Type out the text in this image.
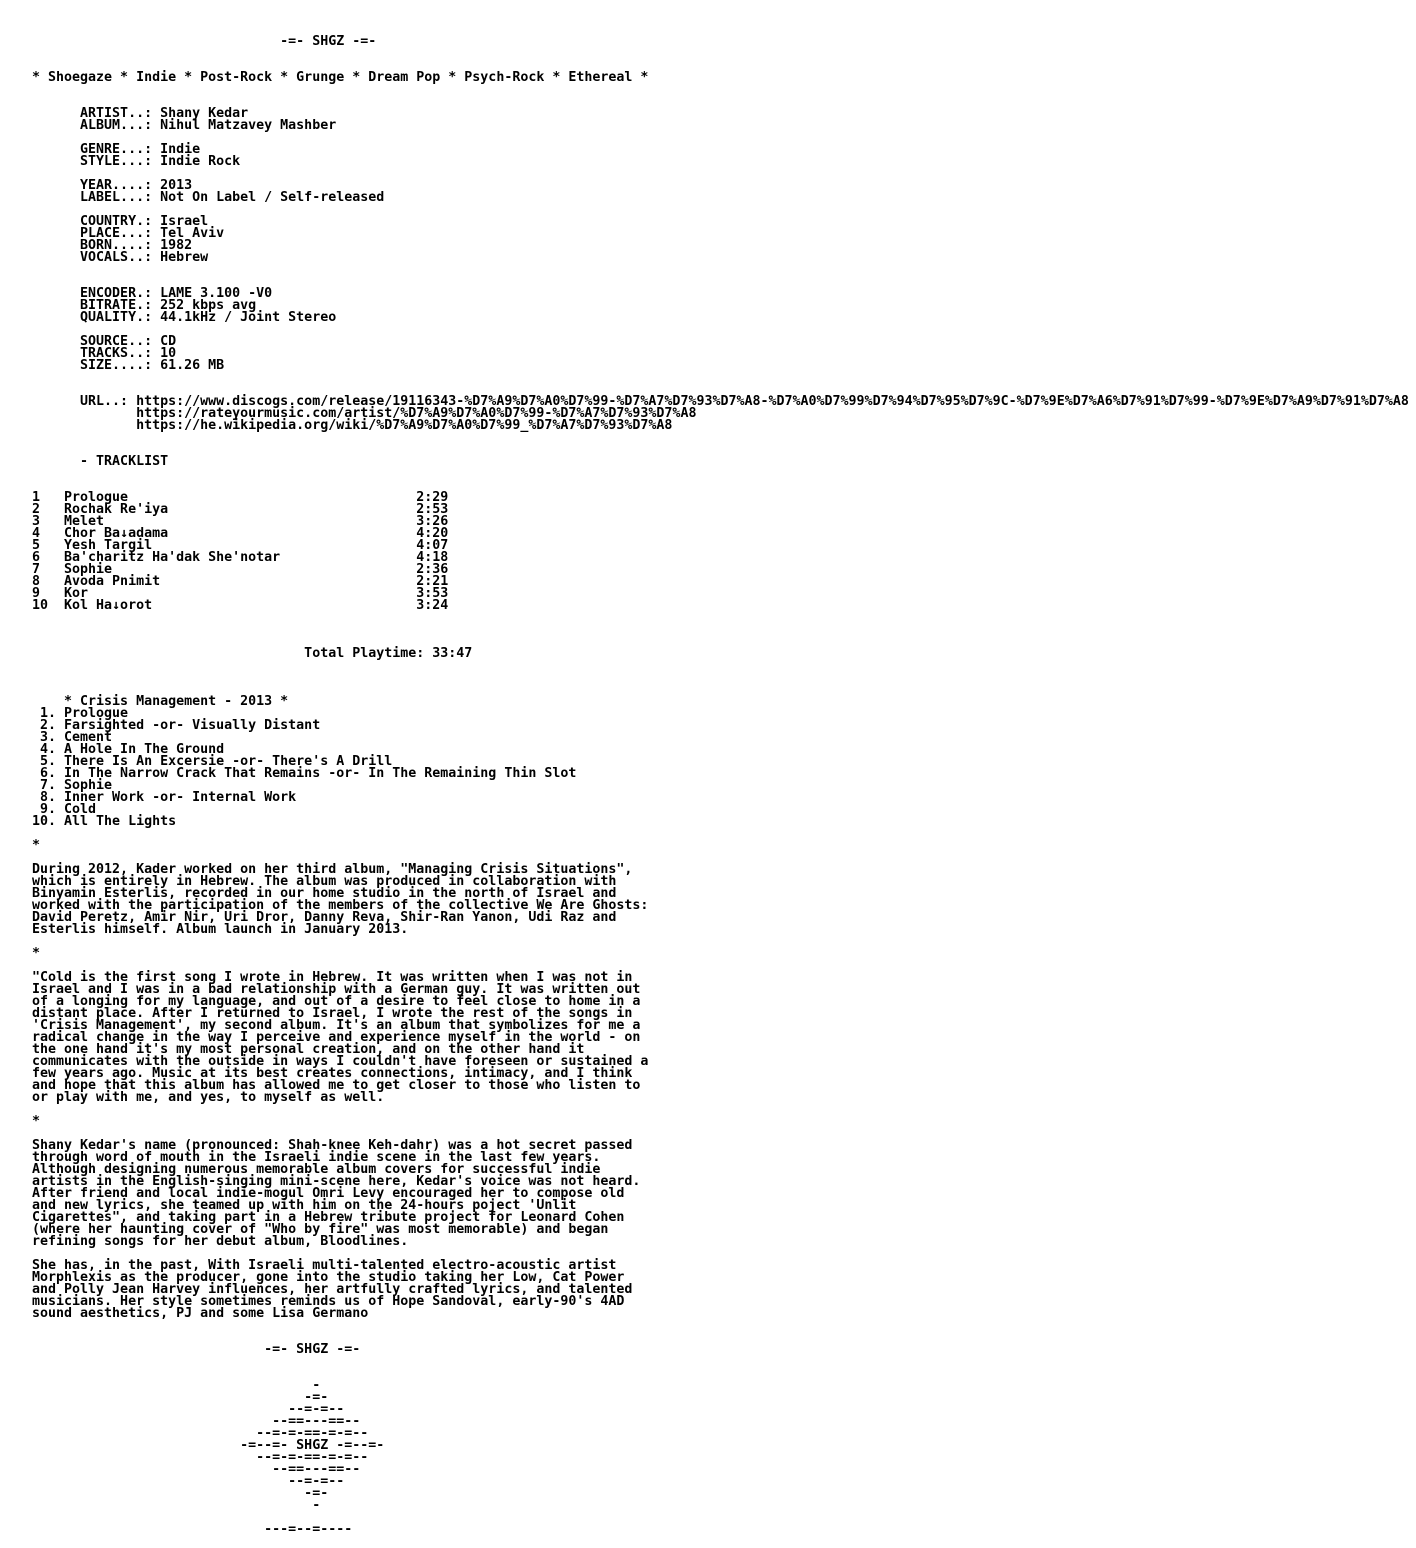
-=- SHGZ -=-
* Shoegaze * Indie * Post-Rock * Grunge * Dream Pop * Psych-Rock * Ethereal *
ARTIST..: Shany Kedar
ALBUM...: Nihul Matzavey Mashber
GENRE...: Indie
STYLE...: Indie Rock
YEAR....: 2013
LABEL...: Not On Label / Self-released
COUNTRY.: Israel
PLACE...: Tel Aviv
BORN....: 1982
VOCALS..: Hebrew
ENCODER.: LAME 3.100 -V0
BITRATE.: 252 kbps avg
QUALITY.: 44.1kHz / Joint Stereo
SOURCE..: CD
TRACKS..: 10
SIZE....: 61.26 MB
URL..: https://www.discogs.com/release/19116343-%D7%A9%D7%A0%D7%99-%D7%A7%D7%93%D7%A8-%D7%A0%D7%99%D7%94%D7%95%D7%9C-%D7%9E%D7%A6%D7%91%D7%99-%D7%9E%D7%A9%D7%91%D7%A8
https://rateyourmusic.com/artist/%D7%A9%D7%A0%D7%99-%D7%A7%D7%93%D7%A8
https://he.wikipedia.org/wiki/%D7%A9%D7%A0%D7%99_%D7%A7%D7%93%D7%A8
- TRACKLIST
1   Prologue                                    2:29
2   Rochak Re'iya                               2:53
3   Melet                                       3:26
4   Chor Ba↓adama                               4:20
5   Yesh Targil                                 4:07
6   Ba'charitz Ha'dak She'notar                 4:18
7   Sophie                                      2:36
8   Avoda Pnimit                                2:21
9   Kor                                         3:53
10  Kol Ha↓orot                                 3:24
Total Playtime: 33:47
* Crisis Management - 2013 *
1. Prologue
2. Farsighted -or- Visually Distant
3. Cement
4. A Hole In The Ground
5. There Is An Excersie -or- There's A Drill
6. In The Narrow Crack That Remains -or- In The Remaining Thin Slot
7. Sophie
8. Inner Work -or- Internal Work
9. Cold
10. All The Lights
*
During 2012, Kader worked on her third album, "Managing Crisis Situations",
which is entirely in Hebrew. The album was produced in collaboration with
Binyamin Esterlis, recorded in our home studio in the north of Israel and
worked with the participation of the members of the collective We Are Ghosts:
David Peretz, Amir Nir, Uri Dror, Danny Reva, Shir-Ran Yanon, Udi Raz and
Esterlis himself. Album launch in January 2013.
*
"Cold is the first song I wrote in Hebrew. It was written when I was not in
Israel and I was in a bad relationship with a German guy. It was written out
of a longing for my language, and out of a desire to feel close to home in a
distant place. After I returned to Israel, I wrote the rest of the songs in
'Crisis Management', my second album. It's an album that symbolizes for me a
radical change in the way I perceive and experience myself in the world - on
the one hand it's my most personal creation, and on the other hand it
communicates with the outside in ways I couldn't have foreseen or sustained a
few years ago. Music at its best creates connections, intimacy, and I think
and hope that this album has allowed me to get closer to those who listen to
or play with me, and yes, to myself as well.
*
Shany Kedar's name (pronounced: Shah-knee Keh-dahr) was a hot secret passed
through word of mouth in the Israeli indie scene in the last few years.
Although designing numerous memorable album covers for successful indie
artists in the English-singing mini-scene here, Kedar's voice was not heard.
After friend and local indie-mogul Omri Levy encouraged her to compose old
and new lyrics, she teamed up with him on the 24-hours poject 'Unlit
Cigarettes", and taking part in a Hebrew tribute project for Leonard Cohen
(where her haunting cover of "Who by fire" was most memorable) and began
refining songs for her debut album, Bloodlines.
She has, in the past, With Israeli multi-talented electro-acoustic artist
Morphlexis as the producer, gone into the studio taking her Low, Cat Power
and Polly Jean Harvey influences, her artfully crafted lyrics, and talented
musicians. Her style sometimes reminds us of Hope Sandoval, early-90's 4AD
sound aesthetics, PJ and some Lisa Germano
-=- SHGZ -=-
-
-=-
--=-=--
--==---==--
--=-=-==-=-=--
-=--=- SHGZ -=--=-
--=-=-==-=-=--
--==---==--
--=-=--
-=-
-
---=--=----
